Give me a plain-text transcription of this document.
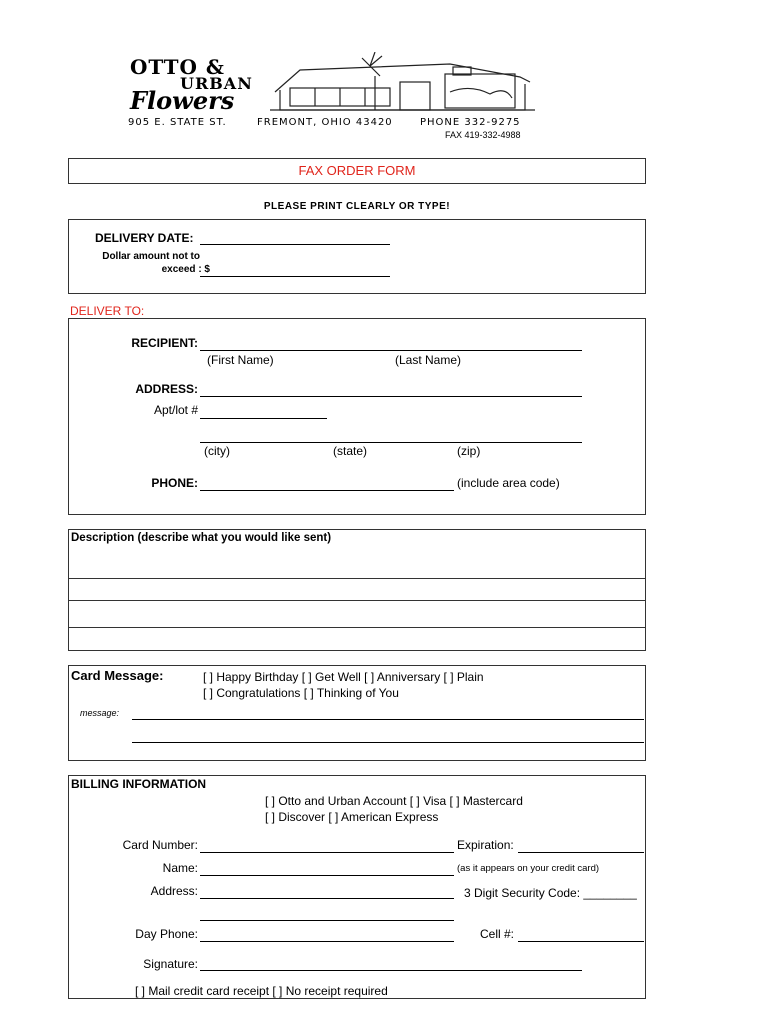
OTTO &
URBAN
Flowers
905 E. STATE ST.	FREMONT, OHIO 43420	PHONE 332-9275
FAX 419-332-4988
FAX ORDER FORM
PLEASE PRINT CLEARLY OR TYPE!
DELIVERY DATE:
Dollar amount not to
exceed : $
DELIVER TO:
RECIPIENT:
(First Name)	(Last Name)
ADDRESS:
Apt/lot #
(city)	(state)	(zip)
PHONE:	(include area code)
Description (describe what you would like sent)
Card Message:	[ ] Happy Birthday [ ] Get Well [ ] Anniversary [ ] Plain
[ ] Congratulations [ ] Thinking of You
message:
BILLING INFORMATION
[ ] Otto and Urban Account [ ] Visa [ ] Mastercard
[ ] Discover [ ] American Express
Card Number:	Expiration:
Name:	(as it appears on your credit card)
Address:	3 Digit Security Code: ________
Day Phone:	Cell #:
Signature:
[ ] Mail credit card receipt [ ] No receipt required
